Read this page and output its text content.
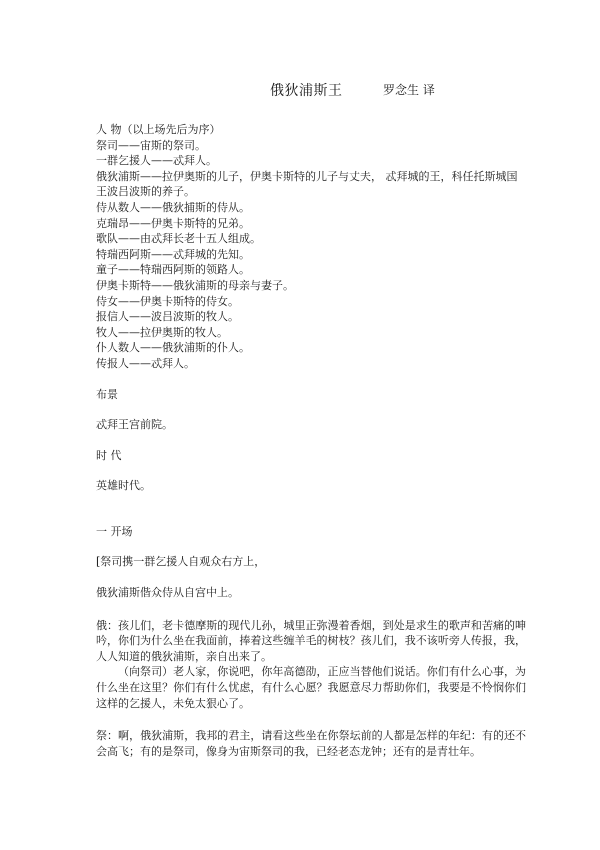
俄狄浦斯王	罗念生 译
人 物（以上场先后为序）
祭司——宙斯的祭司。
一群乞援人——忒拜人。
俄狄浦斯——拉伊奥斯的儿子，伊奥卡斯特的儿子与丈夫， 忒拜城的王，科任托斯城国王波吕波斯的养子。
侍从数人——俄狄捕斯的侍从。
克瑞昂——伊奥卡斯特的兄弟。
歌队——由忒拜长老十五人组成。
特瑞西阿斯——忒拜城的先知。
童子——特瑞西阿斯的领路人。
伊奥卡斯特——俄狄浦斯的母亲与妻子。
侍女——伊奥卡斯特的侍女。
报信人——波吕波斯的牧人。
牧人——拉伊奥斯的牧人。
仆人数人——俄狄浦斯的仆人。
传报人——忒拜人。
布景
忒拜王宫前院。
时 代
英雄时代。
一 开场
[祭司携一群乞援人自观众右方上，
俄狄浦斯偕众侍从自宫中上。
俄：孩儿们，老卡德摩斯的现代儿孙，城里正弥漫着香烟，到处是求生的歌声和苦痛的呻吟，你们为什么坐在我面前，捧着这些缠羊毛的树枝？孩儿们，我不该听旁人传报，我，人人知道的俄狄浦斯，亲自出来了。
（向祭司）老人家，你说吧，你年高德劭，正应当替他们说话。你们有什么心事，为什么坐在这里？你们有什么忧虑，有什么心愿？我愿意尽力帮助你们，我要是不怜悯你们这样的乞援人，未免太狠心了。
祭：啊，俄狄浦斯，我邦的君主，请看这些坐在你祭坛前的人都是怎样的年纪：有的还不会高飞；有的是祭司，像身为宙斯祭司的我，已经老态龙钟；还有的是青壮年。
